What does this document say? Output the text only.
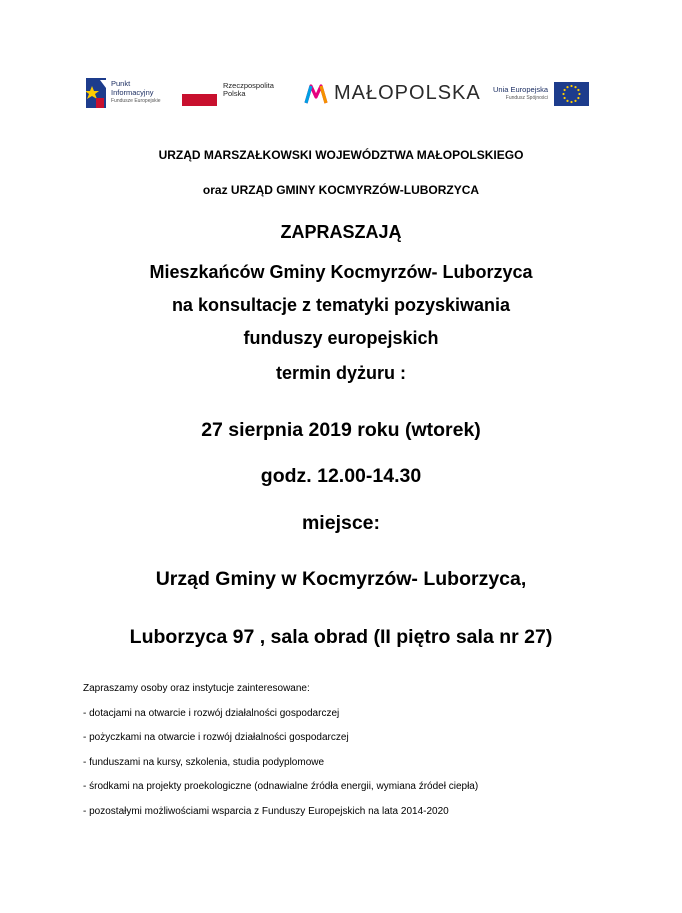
Punkt
Informacyjny
Fundusze Europejskie
Rzeczpospolita
Polska	MAŁOPOLSKA Unia Europejska
Fundusz Spójności
URZĄD MARSZAŁKOWSKI WOJEWÓDZTWA MAŁOPOLSKIEGO
oraz URZĄD GMINY KOCMYRZÓW-LUBORZYCA
ZAPRASZAJĄ
Mieszkańców Gminy Kocmyrzów- Luborzyca
na konsultacje z tematyki pozyskiwania
funduszy europejskich
termin dyżuru :
27 sierpnia 2019 roku (wtorek)
godz. 12.00-14.30
miejsce:
Urząd Gminy w Kocmyrzów- Luborzyca,
Luborzyca 97 , sala obrad (II piętro sala nr 27)
Zapraszamy osoby oraz instytucje zainteresowane:
- dotacjami na otwarcie i rozwój działalności gospodarczej
- pożyczkami na otwarcie i rozwój działalności gospodarczej
- funduszami na kursy, szkolenia, studia podyplomowe
- środkami na projekty proekologiczne (odnawialne źródła energii, wymiana źródeł ciepła)
- pozostałymi możliwościami wsparcia z Funduszy Europejskich na lata 2014-2020
